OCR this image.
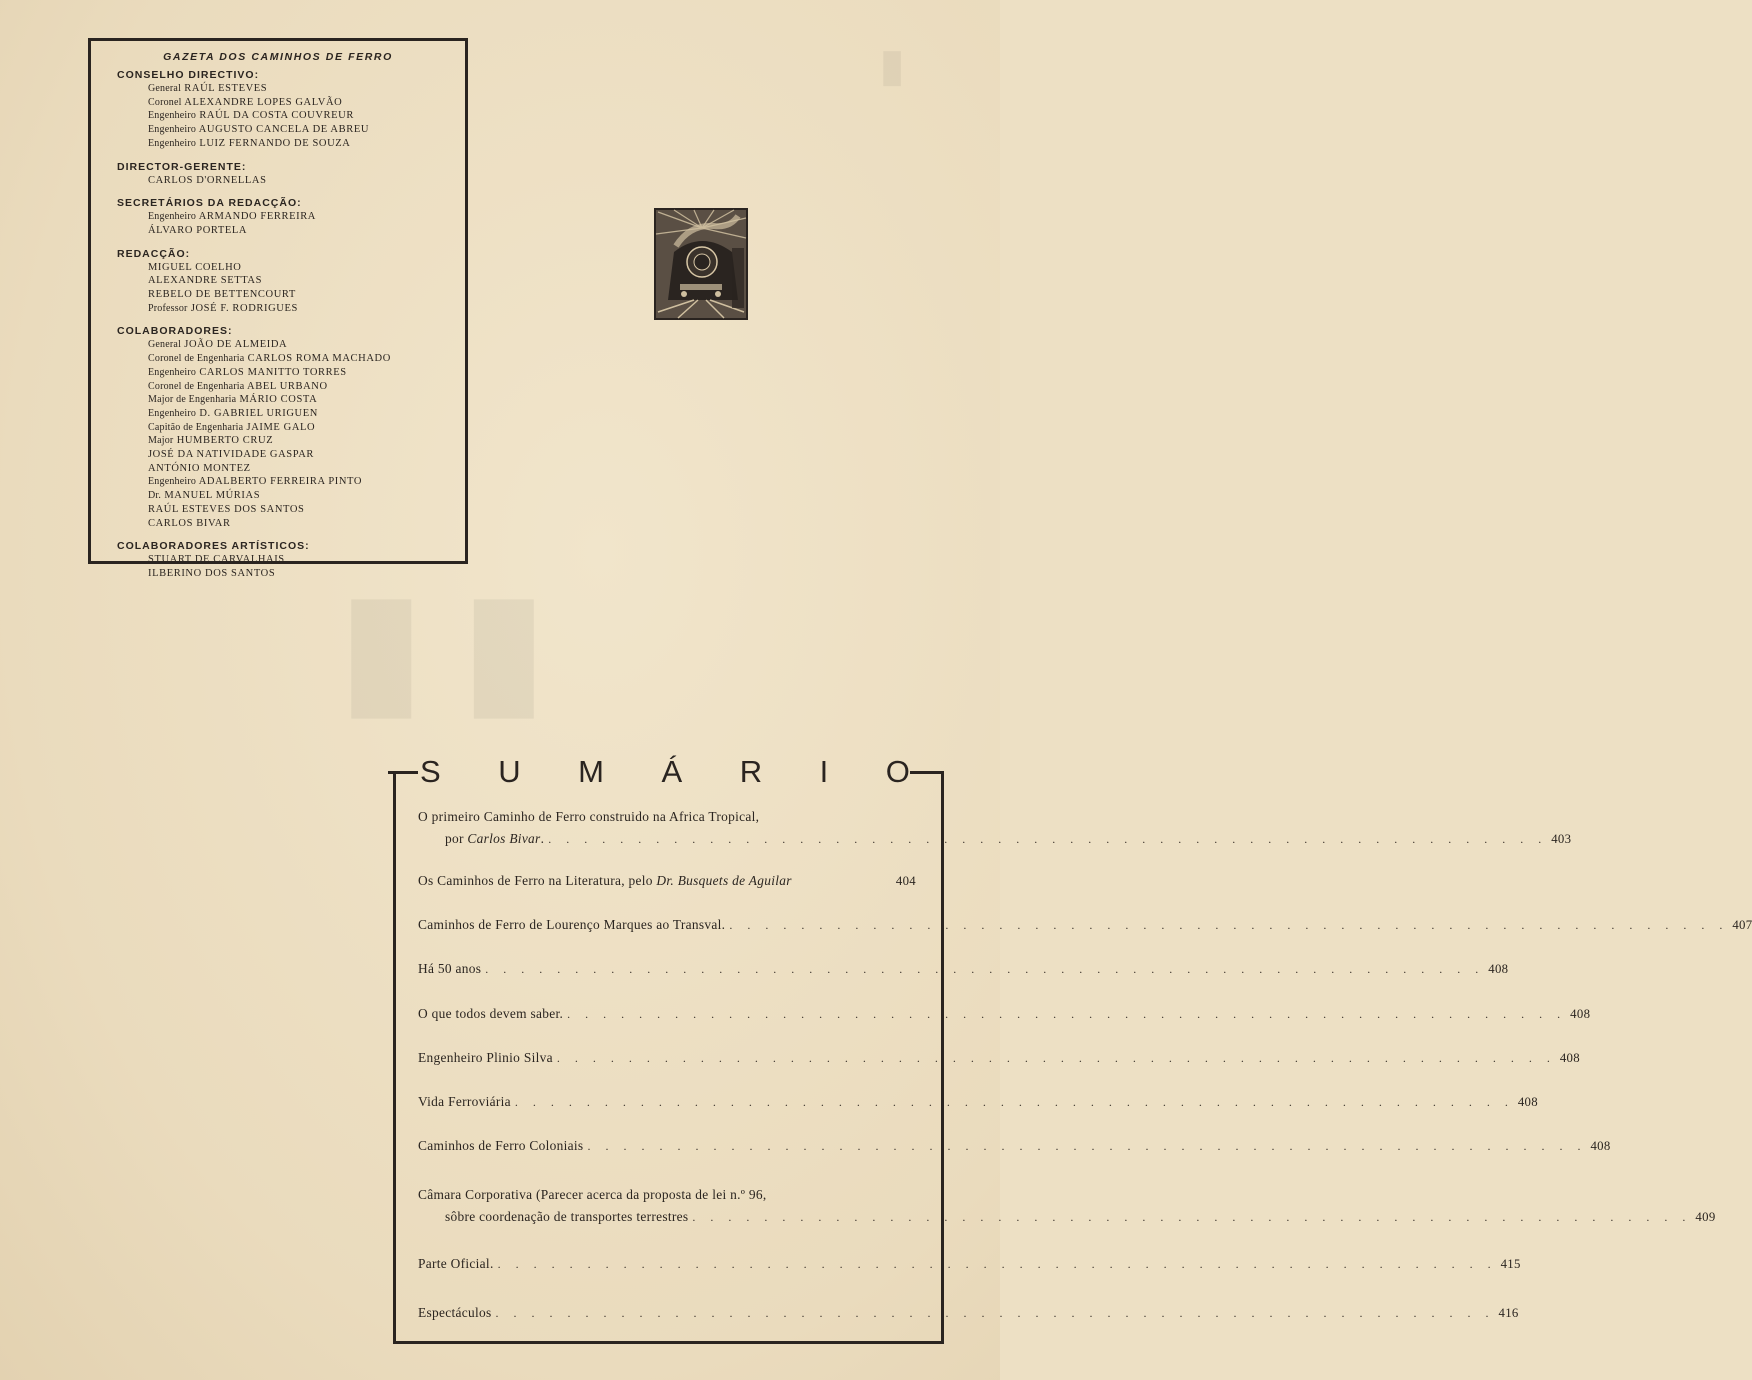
▮
▮▮
GAZETA DOS CAMINHOS DE FERRO
CONSELHO DIRECTIVO:
General RAÚL ESTEVES
Coronel ALEXANDRE LOPES GALVÃO
Engenheiro RAÚL DA COSTA COUVREUR
Engenheiro AUGUSTO CANCELA DE ABREU
Engenheiro LUIZ FERNANDO DE SOUZA
DIRECTOR-GERENTE:
CARLOS D'ORNELLAS
SECRETÁRIOS DA REDACÇÃO:
Engenheiro ARMANDO FERREIRA
ÁLVARO PORTELA
REDACÇÃO:
MIGUEL COELHO
ALEXANDRE SETTAS
REBELO DE BETTENCOURT
Professor JOSÉ F. RODRIGUES
COLABORADORES:
General JOÃO DE ALMEIDA
Coronel de Engenharia CARLOS ROMA MACHADO
Engenheiro CARLOS MANITTO TORRES
Coronel de Engenharia ABEL URBANO
Major de Engenharia MÁRIO COSTA
Engenheiro D. GABRIEL URIGUEN
Capitão de Engenharia JAIME GALO
Major HUMBERTO CRUZ
JOSÉ DA NATIVIDADE GASPAR
ANTÓNIO MONTEZ
Engenheiro ADALBERTO FERREIRA PINTO
Dr. MANUEL MÚRIAS
RAÚL ESTEVES DOS SANTOS
CARLOS BIVAR
COLABORADORES ARTÍSTICOS:
STUART DE CARVALHAIS
ILBERINO DOS SANTOS
S U M Á R I O
O primeiro Caminho de Ferro construido na Africa Tropical,
por Carlos Bivar. . . . . . . . . . . . . . . . . . . . . . . . . . . . . . . . . . . . . . . . . . . . . . . . . . . . . . . . . 403
Os Caminhos de Ferro na Literatura, pelo Dr. Busquets de Aguilar	404
Caminhos de Ferro de Lourenço Marques ao Transval. . . . . . . . . . . . . . . . . . . . . . . . . . . . . . . . . . . . . . . . . . . . . . . . . . . . . . . . . 407
Há 50 anos . . . . . . . . . . . . . . . . . . . . . . . . . . . . . . . . . . . . . . . . . . . . . . . . . . . . . . . . 408
O que todos devem saber. . . . . . . . . . . . . . . . . . . . . . . . . . . . . . . . . . . . . . . . . . . . . . . . . . . . . . . . . 408
Engenheiro Plinio Silva . . . . . . . . . . . . . . . . . . . . . . . . . . . . . . . . . . . . . . . . . . . . . . . . . . . . . . . . 408
Vida Ferroviária . . . . . . . . . . . . . . . . . . . . . . . . . . . . . . . . . . . . . . . . . . . . . . . . . . . . . . . . 408
Caminhos de Ferro Coloniais . . . . . . . . . . . . . . . . . . . . . . . . . . . . . . . . . . . . . . . . . . . . . . . . . . . . . . . . 408
Câmara Corporativa (Parecer acerca da proposta de lei n.º 96,
sôbre coordenação de transportes terrestres . . . . . . . . . . . . . . . . . . . . . . . . . . . . . . . . . . . . . . . . . . . . . . . . . . . . . . . . 409
Parte Oficial. . . . . . . . . . . . . . . . . . . . . . . . . . . . . . . . . . . . . . . . . . . . . . . . . . . . . . . . . 415
Espectáculos . . . . . . . . . . . . . . . . . . . . . . . . . . . . . . . . . . . . . . . . . . . . . . . . . . . . . . . . 416
